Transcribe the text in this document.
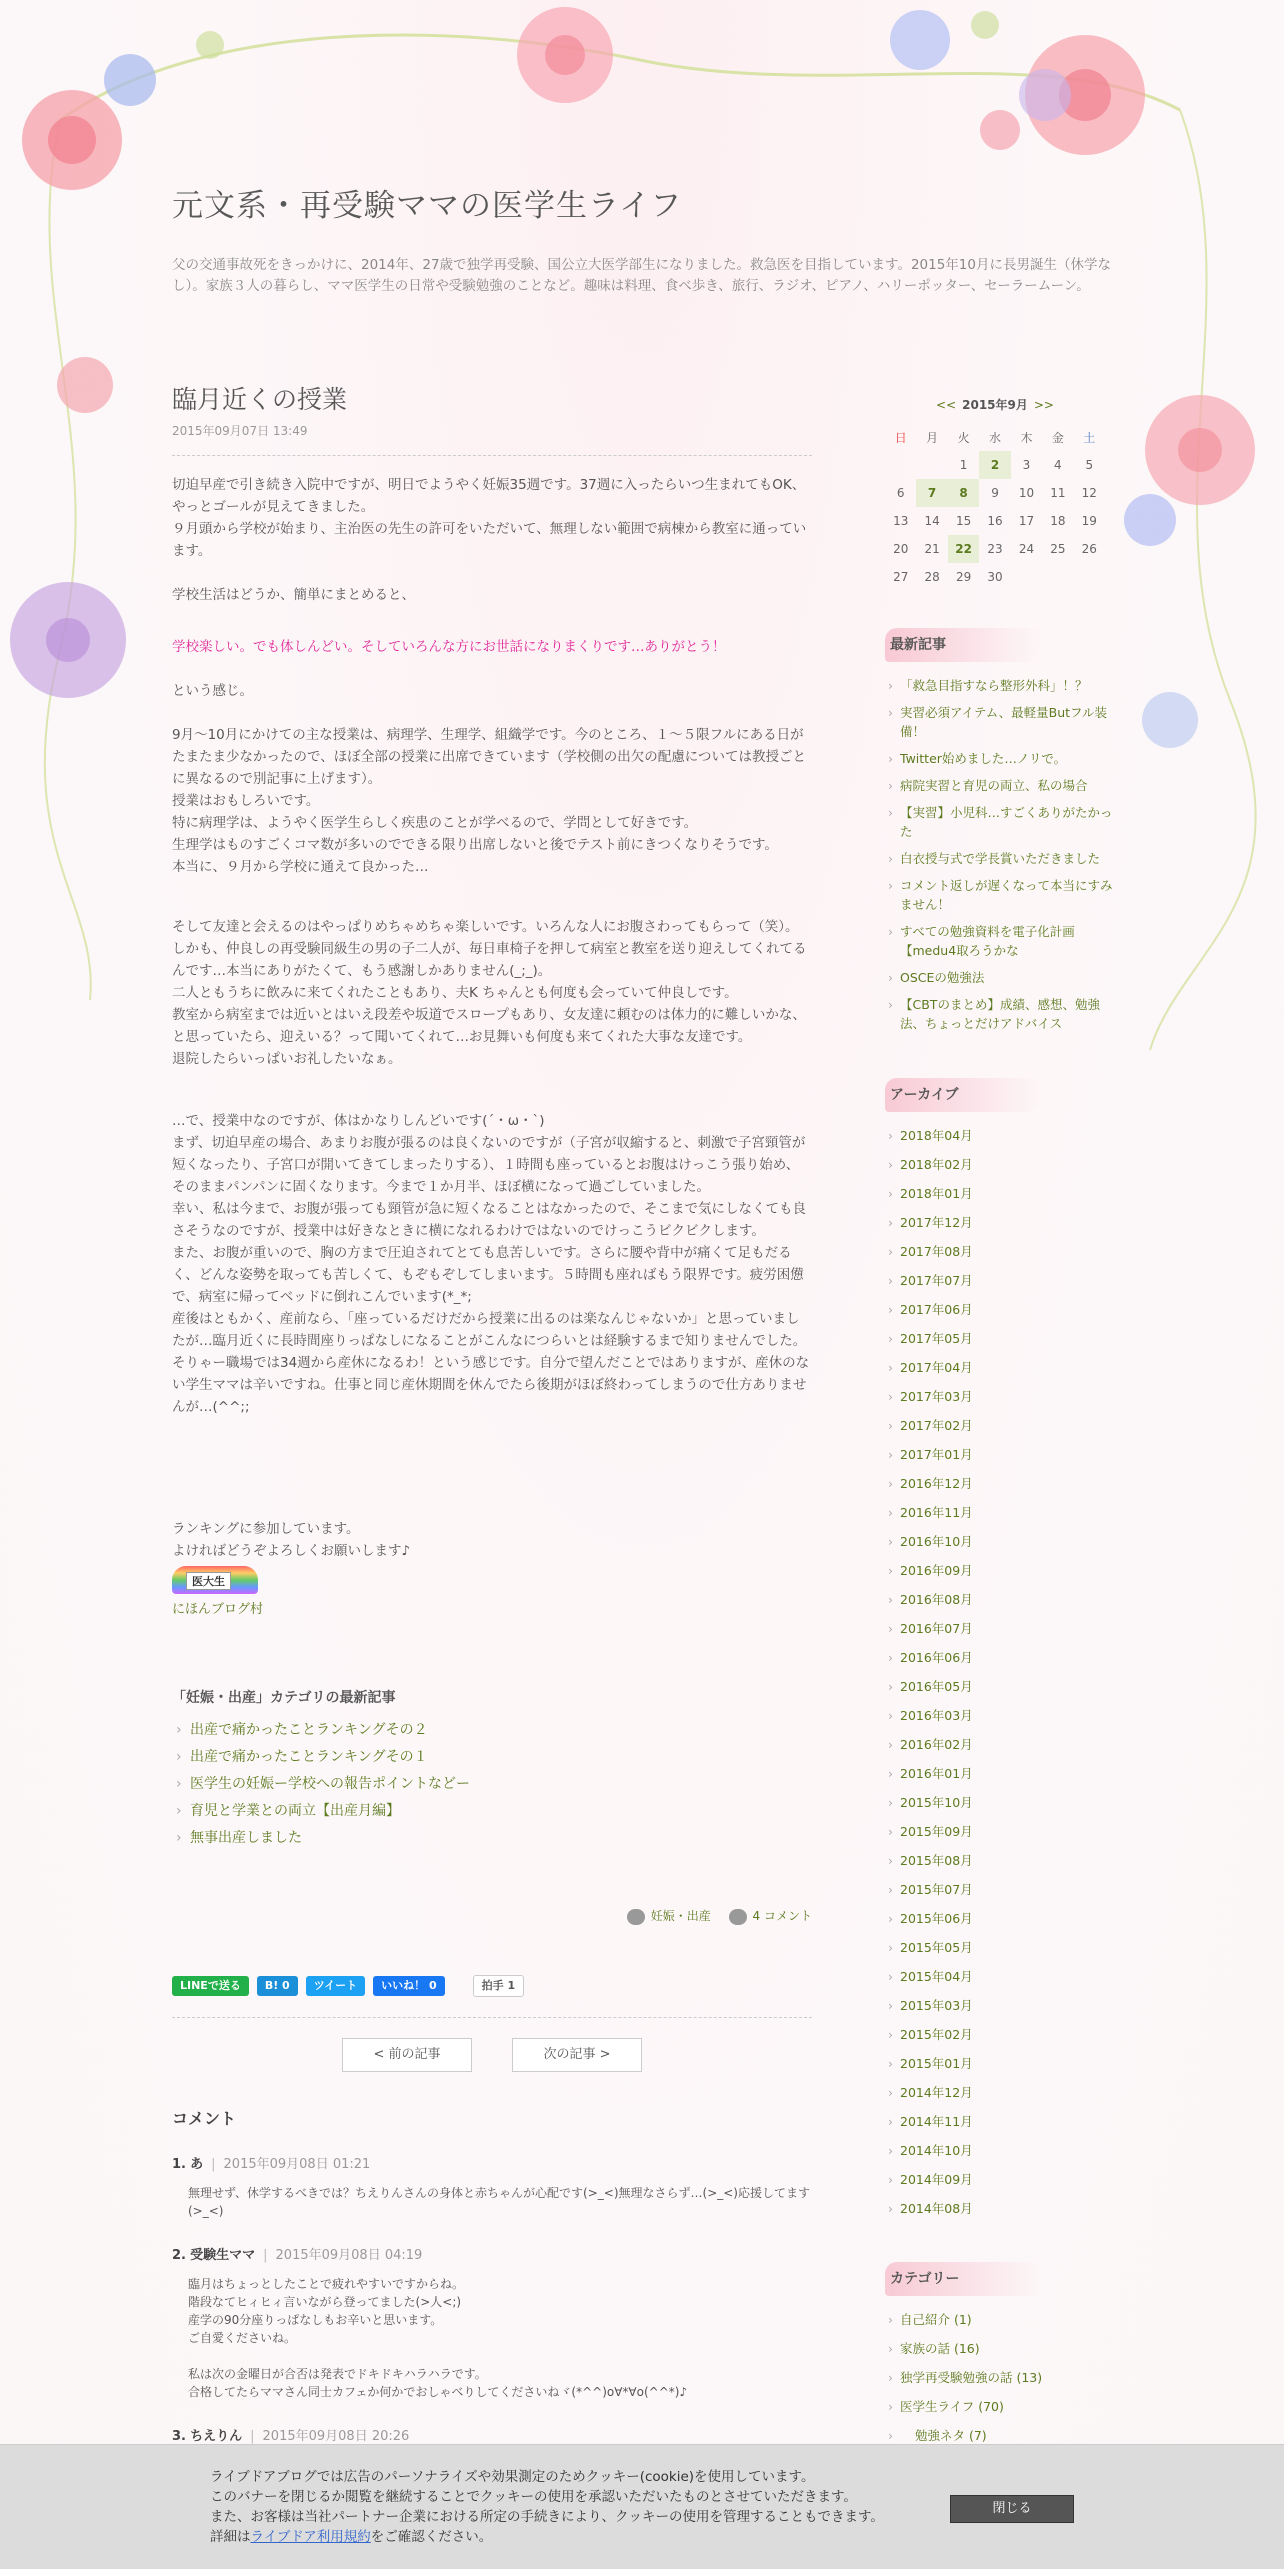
元文系・再受験ママの医学生ライフ
父の交通事故死をきっかけに、2014年、27歳で独学再受験、国公立大医学部生になりました。救急医を目指しています。2015年10月に長男誕生（休学なし）。家族３人の暮らし、ママ医学生の日常や受験勉強のことなど。趣味は料理、食べ歩き、旅行、ラジオ、ピアノ、ハリーポッター、セーラームーン。
臨月近くの授業
2015年09月07日 13:49
切迫早産で引き続き入院中ですが、明日でようやく妊娠35週です。37週に入ったらいつ生まれてもOK、やっとゴールが見えてきました。
９月頭から学校が始まり、主治医の先生の許可をいただいて、無理しない範囲で病棟から教室に通っています。

学校生活はどうか、簡単にまとめると、
学校楽しい。でも体しんどい。そしていろんな方にお世話になりまくりです…ありがとう！
という感じ。
9月～10月にかけての主な授業は、病理学、生理学、組織学です。今のところ、１～５限フルにある日がたまたま少なかったので、ほぼ全部の授業に出席できています（学校側の出欠の配慮については教授ごとに異なるので別記事に上げます）。
授業はおもしろいです。
特に病理学は、ようやく医学生らしく疾患のことが学べるので、学問として好きです。
生理学はものすごくコマ数が多いのでできる限り出席しないと後でテスト前にきつくなりそうです。
本当に、９月から学校に通えて良かった…
そして友達と会えるのはやっぱりめちゃめちゃ楽しいです。いろんな人にお腹さわってもらって（笑）。
しかも、仲良しの再受験同級生の男の子二人が、毎日車椅子を押して病室と教室を送り迎えしてくれてるんです…本当にありがたくて、もう感謝しかありません(_;_)。
二人ともうちに飲みに来てくれたこともあり、夫K ちゃんとも何度も会っていて仲良しです。
教室から病室までは近いとはいえ段差や坂道でスロープもあり、女友達に頼むのは体力的に難しいかな、と思っていたら、迎えいる？って聞いてくれて…お見舞いも何度も来てくれた大事な友達です。
退院したらいっぱいお礼したいなぁ。
…で、授業中なのですが、体はかなりしんどいです(´・ω・`)
まず、切迫早産の場合、あまりお腹が張るのは良くないのですが（子宮が収縮すると、刺激で子宮頸管が短くなったり、子宮口が開いてきてしまったりする）、１時間も座っているとお腹はけっこう張り始め、そのままパンパンに固くなります。今まで１か月半、ほぼ横になって過ごしていました。
幸い、私は今まで、お腹が張っても頸管が急に短くなることはなかったので、そこまで気にしなくても良さそうなのですが、授業中は好きなときに横になれるわけではないのでけっこうビクビクします。
また、お腹が重いので、胸の方まで圧迫されてとても息苦しいです。さらに腰や背中が痛くて足もだるく、どんな姿勢を取っても苦しくて、もぞもぞしてしまいます。５時間も座ればもう限界です。疲労困憊で、病室に帰ってベッドに倒れこんでいます(*_*;
産後はともかく、産前なら、「座っているだけだから授業に出るのは楽なんじゃないか」と思っていましたが…臨月近くに長時間座りっぱなしになることがこんなにつらいとは経験するまで知りませんでした。そりゃー職場では34週から産休になるわ！という感じです。自分で望んだことではありますが、産休のない学生ママは辛いですね。仕事と同じ産休期間を休んでたら後期がほぼ終わってしまうので仕方ありませんが…(^^;;
ランキングに参加しています。
よければどうぞよろしくお願いします♪
医大生
にほんブログ村
「妊娠・出産」カテゴリの最新記事
› 出産で痛かったことランキングその２
› 出産で痛かったことランキングその１
› 医学生の妊娠ー学校への報告ポイントなどー
› 育児と学業との両立【出産月編】
› 無事出産しました
妊娠・出産	4 コメント
LINEで送る	B! 0	ツイート	いいね！ 0	拍手 1
< 前の記事	次の記事 >
コメント
1. あ | 2015年09月08日 01:21
無理せず、休学するべきでは？ちえりんさんの身体と赤ちゃんが心配です(>_<)無理なさらず…(>_<)応援してます(>_<)
2. 受験生ママ | 2015年09月08日 04:19
臨月はちょっとしたことで疲れやすいですからね。
階段なてヒィヒィ言いながら登ってました(>人<;)
産学の90分座りっぱなしもお辛いと思います。
ご自愛くださいね。

私は次の金曜日が合否は発表でドキドキハラハラです。
合格してたらママさん同士カフェか何かでおしゃべりしてくださいねヾ(*^^)o∀*∀o(^^*)♪
3. ちえりん | 2015年09月08日 20:26
<< 2015年9月 >>
日	月	火	水	木	金	土
		1	2	3	4	5
6	7	8	9	10	11	12
13	14	15	16	17	18	19
20	21	22	23	24	25	26
27	28	29	30			
最新記事
› 「救急目指すなら整形外科」！？
› 実習必須アイテム、最軽量Butフル装備！
› Twitter始めました…ノリで。
› 病院実習と育児の両立、私の場合
› 【実習】小児科…すごくありがたかった
› 白衣授与式で学長賞いただきました
› コメント返しが遅くなって本当にすみません！
› すべての勉強資料を電子化計画【medu4取ろうかな
› OSCEの勉強法
› 【CBTのまとめ】成績、感想、勉強法、ちょっとだけアドバイス
アーカイブ
› 2018年04月
› 2018年02月
› 2018年01月
› 2017年12月
› 2017年08月
› 2017年07月
› 2017年06月
› 2017年05月
› 2017年04月
› 2017年03月
› 2017年02月
› 2017年01月
› 2016年12月
› 2016年11月
› 2016年10月
› 2016年09月
› 2016年08月
› 2016年07月
› 2016年06月
› 2016年05月
› 2016年03月
› 2016年02月
› 2016年01月
› 2015年10月
› 2015年09月
› 2015年08月
› 2015年07月
› 2015年06月
› 2015年05月
› 2015年04月
› 2015年03月
› 2015年02月
› 2015年01月
› 2014年12月
› 2014年11月
› 2014年10月
› 2014年09月
› 2014年08月
カテゴリー
› 自己紹介 (1)
› 家族の話 (16)
› 独学再受験勉強の話 (13)
› 医学生ライフ (70)
› 勉強ネタ (7)
ライブドアブログでは広告のパーソナライズや効果測定のためクッキー(cookie)を使用しています。
このバナーを閉じるか閲覧を継続することでクッキーの使用を承認いただいたものとさせていただきます。
また、お客様は当社パートナー企業における所定の手続きにより、クッキーの使用を管理することもできます。
詳細はライブドア利用規約をご確認ください。
閉じる
